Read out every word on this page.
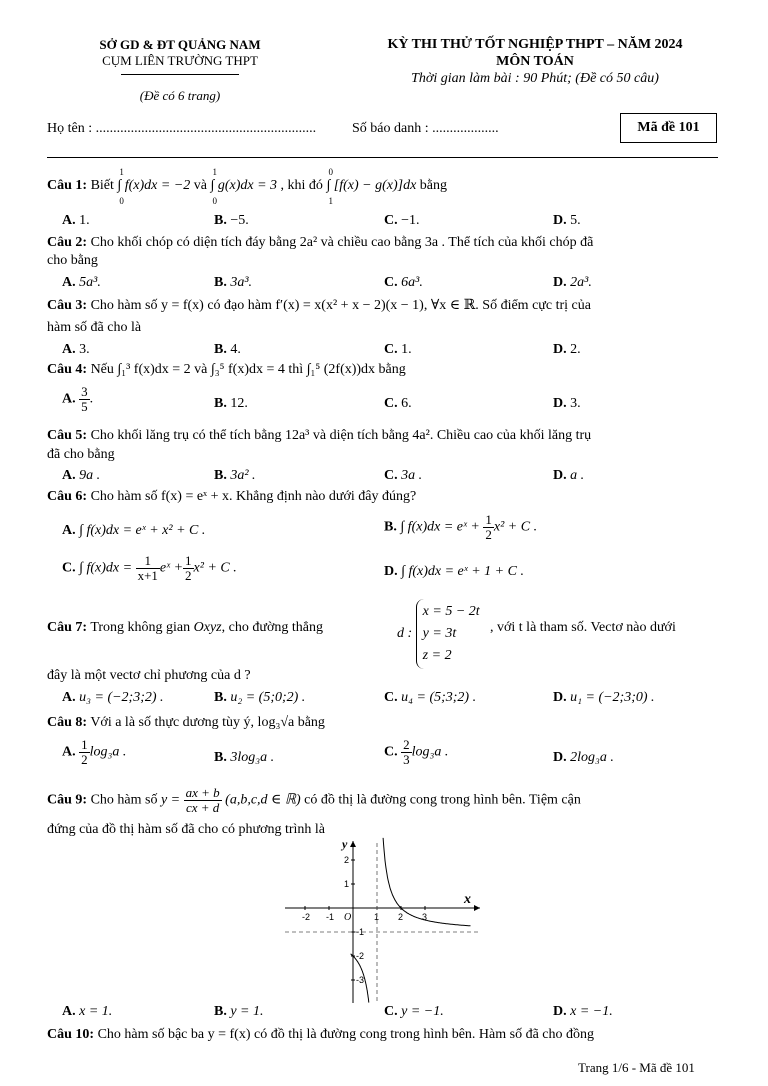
SỞ GD & ĐT QUẢNG NAM
CỤM LIÊN TRƯỜNG THPT
(Đề có 6 trang)
KỲ THI THỬ TỐT NGHIỆP THPT – NĂM 2024
MÔN TOÁN
Thời gian làm bài : 90 Phút; (Đề có 50 câu)
Họ tên : ...............................................................	Số báo danh : ...................	Mã đề 101
Câu 1: Biết
1
0
∫ f(x)dx = −2 và
1
0
∫ g(x)dx = 3 , khi đó
0
1
∫ [f(x) − g(x)]dx bằng
A. 1.	B. −5.	C. −1.	D. 5.
Câu 2: Cho khối chóp có diện tích đáy bằng 2a² và chiều cao bằng 3a . Thể tích của khối chóp đã
cho bằng
A. 5a³.	B. 3a³.	C. 6a³.	D. 2a³.
Câu 3: Cho hàm số y = f(x) có đạo hàm f′(x) = x(x² + x − 2)(x − 1), ∀x ∈ ℝ. Số điểm cực trị của
hàm số đã cho là
A. 3.	B. 4.	C. 1.	D. 2.
Câu 4: Nếu ∫₁³ f(x)dx = 2 và ∫₃⁵ f(x)dx = 4 thì ∫₁⁵ (2f(x))dx bằng
A. $\frac{3}{5}$ .	B. 12.	C. 6.	D. 3.
Câu 5: Cho khối lăng trụ có thể tích bằng 12a³ và diện tích bằng 4a². Chiều cao của khối lăng trụ
đã cho bằng
A. 9a .	B. 3a² .	C. 3a .	D. a .
Câu 6: Cho hàm số f(x) = eˣ + x. Khẳng định nào dưới đây đúng?
A. ∫ f(x)dx = eˣ + x² + C .	B. ∫ f(x)dx = eˣ + $\frac{1}{2} x^2 + C$ .
C. ∫ $f(x)dx = \frac{1}{x+1}$ eˣ + $\frac{1}{2} x^2 + C$ .	D. ∫ f(x)dx = eˣ + 1 + C .
Câu 7: Trong không gian Oxyz, cho đường thẳng	d :
x = 5 − 2t
y = 3t
z = 2
, với t là tham số. Vectơ nào dưới
đây là một vectơ chỉ phương của d ?
A. u₃ = (−2;3;2) .	B. u₂ = (5;0;2) .	C. u₄ = (5;3;2) .	D. u₁ = (−2;3;0) .
Câu 8: Với a là số thực dương tùy ý, log₃√a bằng
A. $\frac{1}{2} \log_3a$ .	B. 3log₃a .	C. $\frac{2}{3} \log_3a$ .	D. 2log₃a .
Câu 9: Cho hàm số $y = \frac{ax + b}{cx + d} (a,b,c,d$ ∈ ℝ) có đồ thị là đường cong trong hình bên. Tiệm cận
đứng của đồ thị hàm số đã cho có phương trình là
-2 -1	1 2 3
2
1
-1
-2
-3
y
x
O
A. x = 1.	B. y = 1.	C. y = −1.	D. x = −1.
Câu 10: Cho hàm số bậc ba y = f(x) có đồ thị là đường cong trong hình bên. Hàm số đã cho đồng
Trang 1/6 - Mã đề 101
